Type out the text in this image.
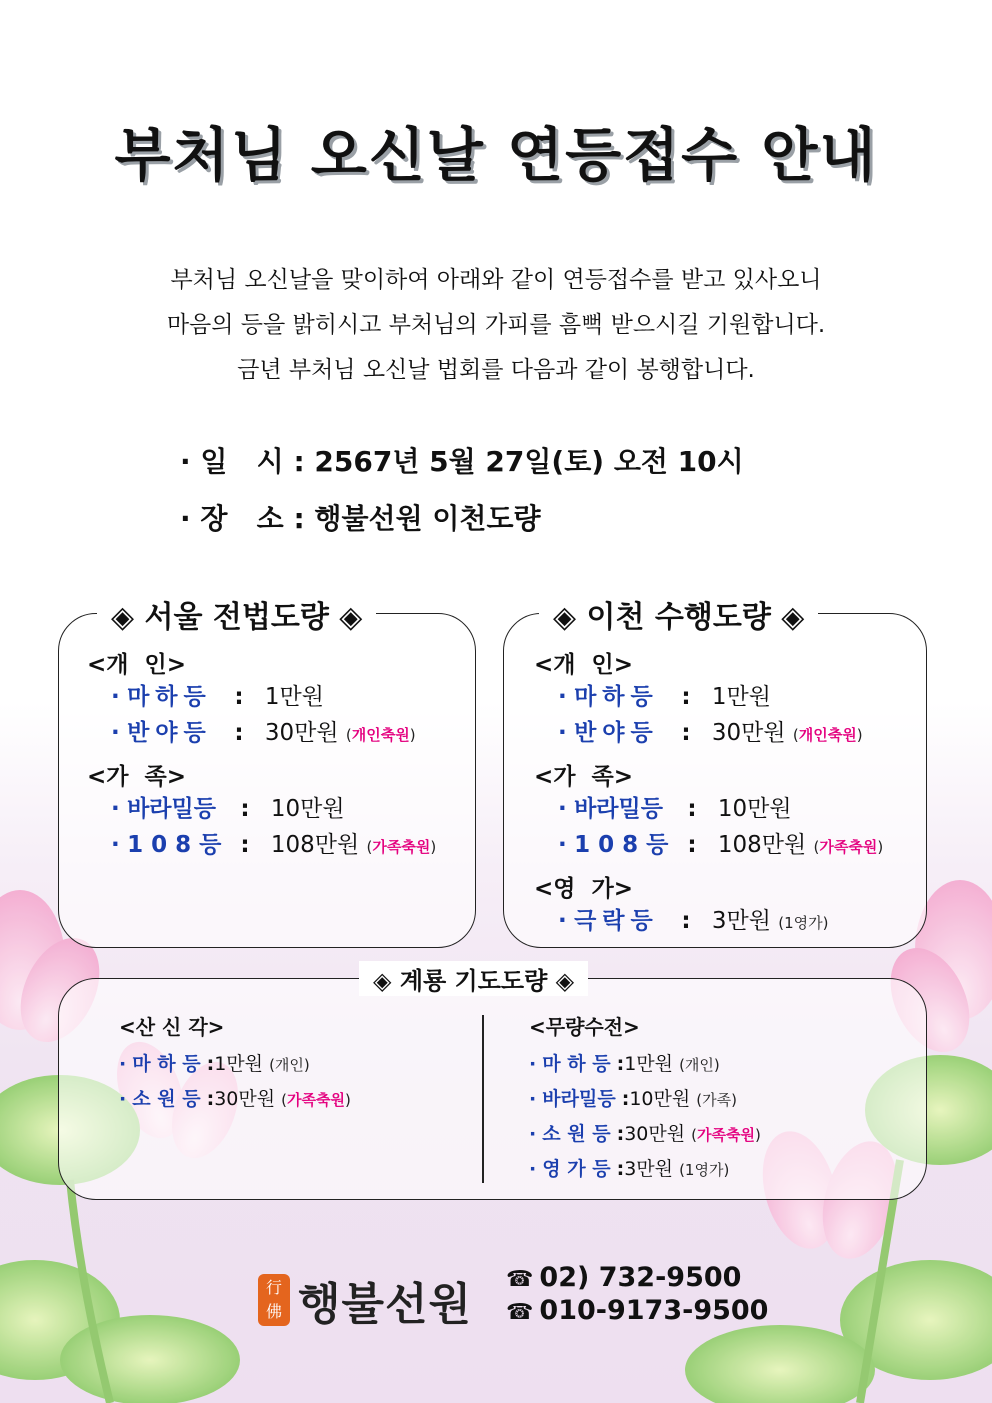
부처님 오신날 연등접수 안내
부처님 오신날을 맞이하여 아래와 같이 연등접수를 받고 있사오니
마음의 등을 밝히시고 부처님의 가피를 흠뻑 받으시길 기원합니다.
금년 부처님 오신날 법회를 다음과 같이 봉행합니다.
· 일   시 : 2567년 5월 27일(토) 오전 10시
· 장   소 : 행불선원 이천도량
◈ 서울 전법도량 ◈
<개  인>
· 마하등 : 1만원
· 반야등 : 30만원 (개인축원)
<가  족>
· 바라밀등 : 10만원
· 108등 : 108만원 (가족축원)
◈ 이천 수행도량 ◈
<개  인>
· 마하등 : 1만원
· 반야등 : 30만원 (개인축원)
<가  족>
· 바라밀등 : 10만원
· 108등 : 108만원 (가족축원)
<영  가>
· 극락등 : 3만원 (1영가)
◈ 계룡 기도도량 ◈
<산 신 각>
· 마 하 등 :1만원 (개인)
· 소 원 등 :30만원 (가족축원)
<무량수전>
· 마 하 등 :1만원 (개인)
· 바라밀등 :10만원 (가족)
· 소 원 등 :30만원 (가족축원)
· 영 가 등 :3만원 (1영가)
行
佛 행불선원 ☎ 02) 732-9500
☎ 010-9173-9500
